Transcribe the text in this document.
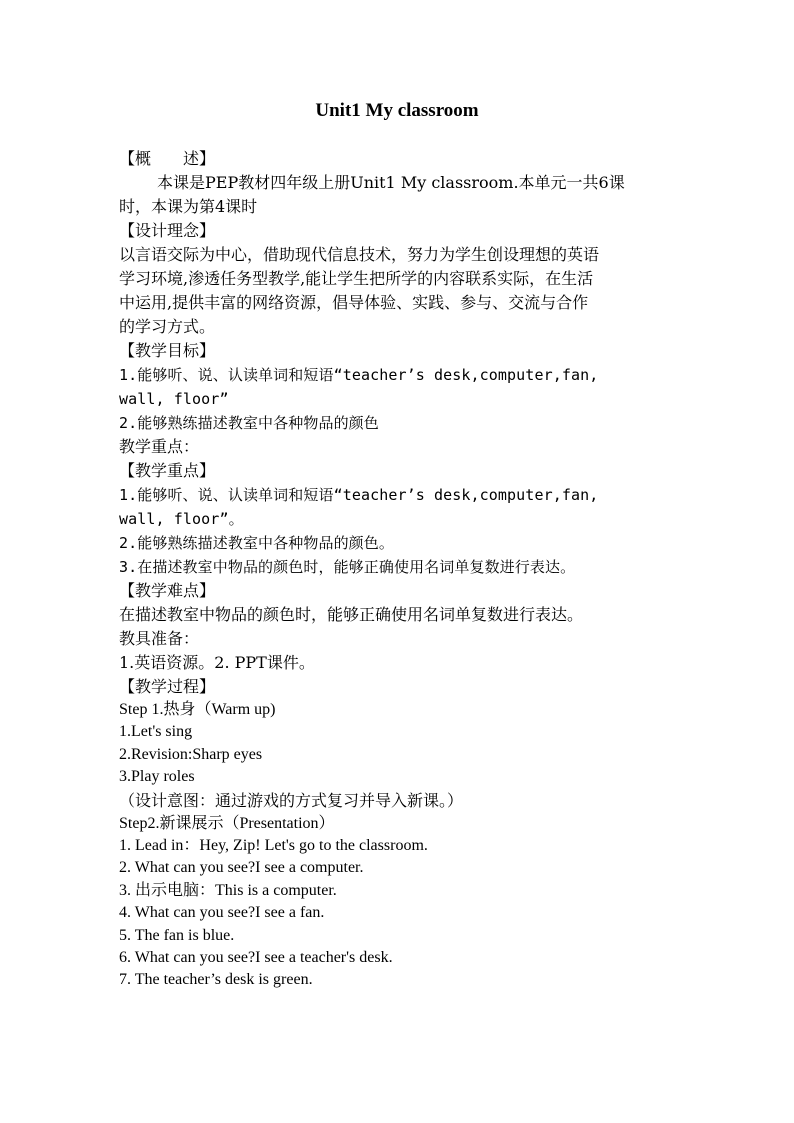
Unit1 My classroom
【概　　述】
本课是PEP教材四年级上册Unit1 My classroom.本单元一共6课
时，本课为第4课时
【设计理念】
以言语交际为中心，借助现代信息技术，努力为学生创设理想的英语
学习环境,渗透任务型教学,能让学生把所学的内容联系实际，在生活
中运用,提供丰富的网络资源，倡导体验、实践、参与、交流与合作
的学习方式。
【教学目标】
1.能够听、说、认读单词和短语“teacher’s desk,computer,fan,
wall, floor”
2.能够熟练描述教室中各种物品的颜色
教学重点：
【教学重点】
1.能够听、说、认读单词和短语“teacher’s desk,computer,fan,
wall, floor”。
2.能够熟练描述教室中各种物品的颜色。
3.在描述教室中物品的颜色时，能够正确使用名词单复数进行表达。
【教学难点】
在描述教室中物品的颜色时，能够正确使用名词单复数进行表达。
教具准备：
1.英语资源。2. PPT课件。
【教学过程】
Step 1.热身（Warm up)
1.Let's sing
2.Revision:Sharp eyes
3.Play roles
（设计意图：通过游戏的方式复习并导入新课。）
Step2.新课展示（Presentation）
1. Lead in：Hey, Zip! Let's go to the classroom.
2. What can you see?I see a computer.
3. 出示电脑：This is a computer.
4. What can you see?I see a fan.
5. The fan is blue.
6. What can you see?I see a teacher's desk.
7. The teacher’s desk is green.
